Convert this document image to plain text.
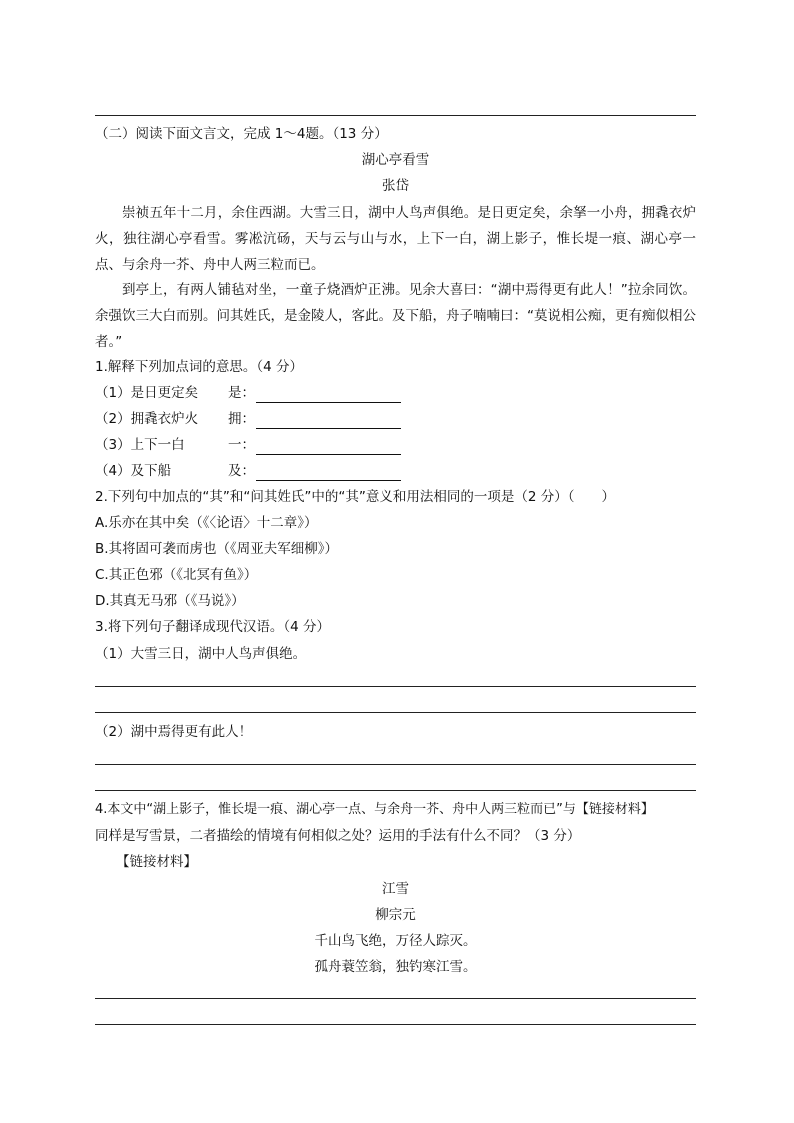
（二）阅读下面文言文，完成 1～4题。（13 分）
湖心亭看雪
张岱
崇祯五年十二月，余住西湖。大雪三日，湖中人鸟声俱绝。是日更定矣，余拏一小舟，拥毳衣炉火，独往湖心亭看雪。雾凇沆砀，天与云与山与水，上下一白，湖上影子，惟长堤一痕、湖心亭一点、与余舟一芥、舟中人两三粒而已。
到亭上，有两人铺毡对坐，一童子烧酒炉正沸。见余大喜曰：“湖中焉得更有此人！”拉余同饮。余强饮三大白而别。问其姓氏，是金陵人，客此。及下船，舟子喃喃曰：“莫说相公痴，更有痴似相公者。”
1.解释下列加点词的意思。（4 分）
（1）是日更定矣 是：
（2）拥毳衣炉火 拥：
（3）上下一白	一：
（4）及下船	及：
2.下列句中加点的“其”和“问其姓氏”中的“其”意义和用法相同的一项是（2 分）（　　）
A.乐亦在其中矣（《〈论语〉十二章》）
B.其将固可袭而虏也（《周亚夫军细柳》）
C.其正色邪（《北冥有鱼》）
D.其真无马邪（《马说》）
3.将下列句子翻译成现代汉语。（4 分）
（1）大雪三日，湖中人鸟声俱绝。
（2）湖中焉得更有此人！
4.本文中“湖上影子，惟长堤一痕、湖心亭一点、与余舟一芥、舟中人两三粒而已”与【链接材料】
同样是写雪景，二者描绘的情境有何相似之处？运用的手法有什么不同？（3 分）
【链接材料】
江雪
柳宗元
千山鸟飞绝，万径人踪灭。
孤舟蓑笠翁，独钓寒江雪。
